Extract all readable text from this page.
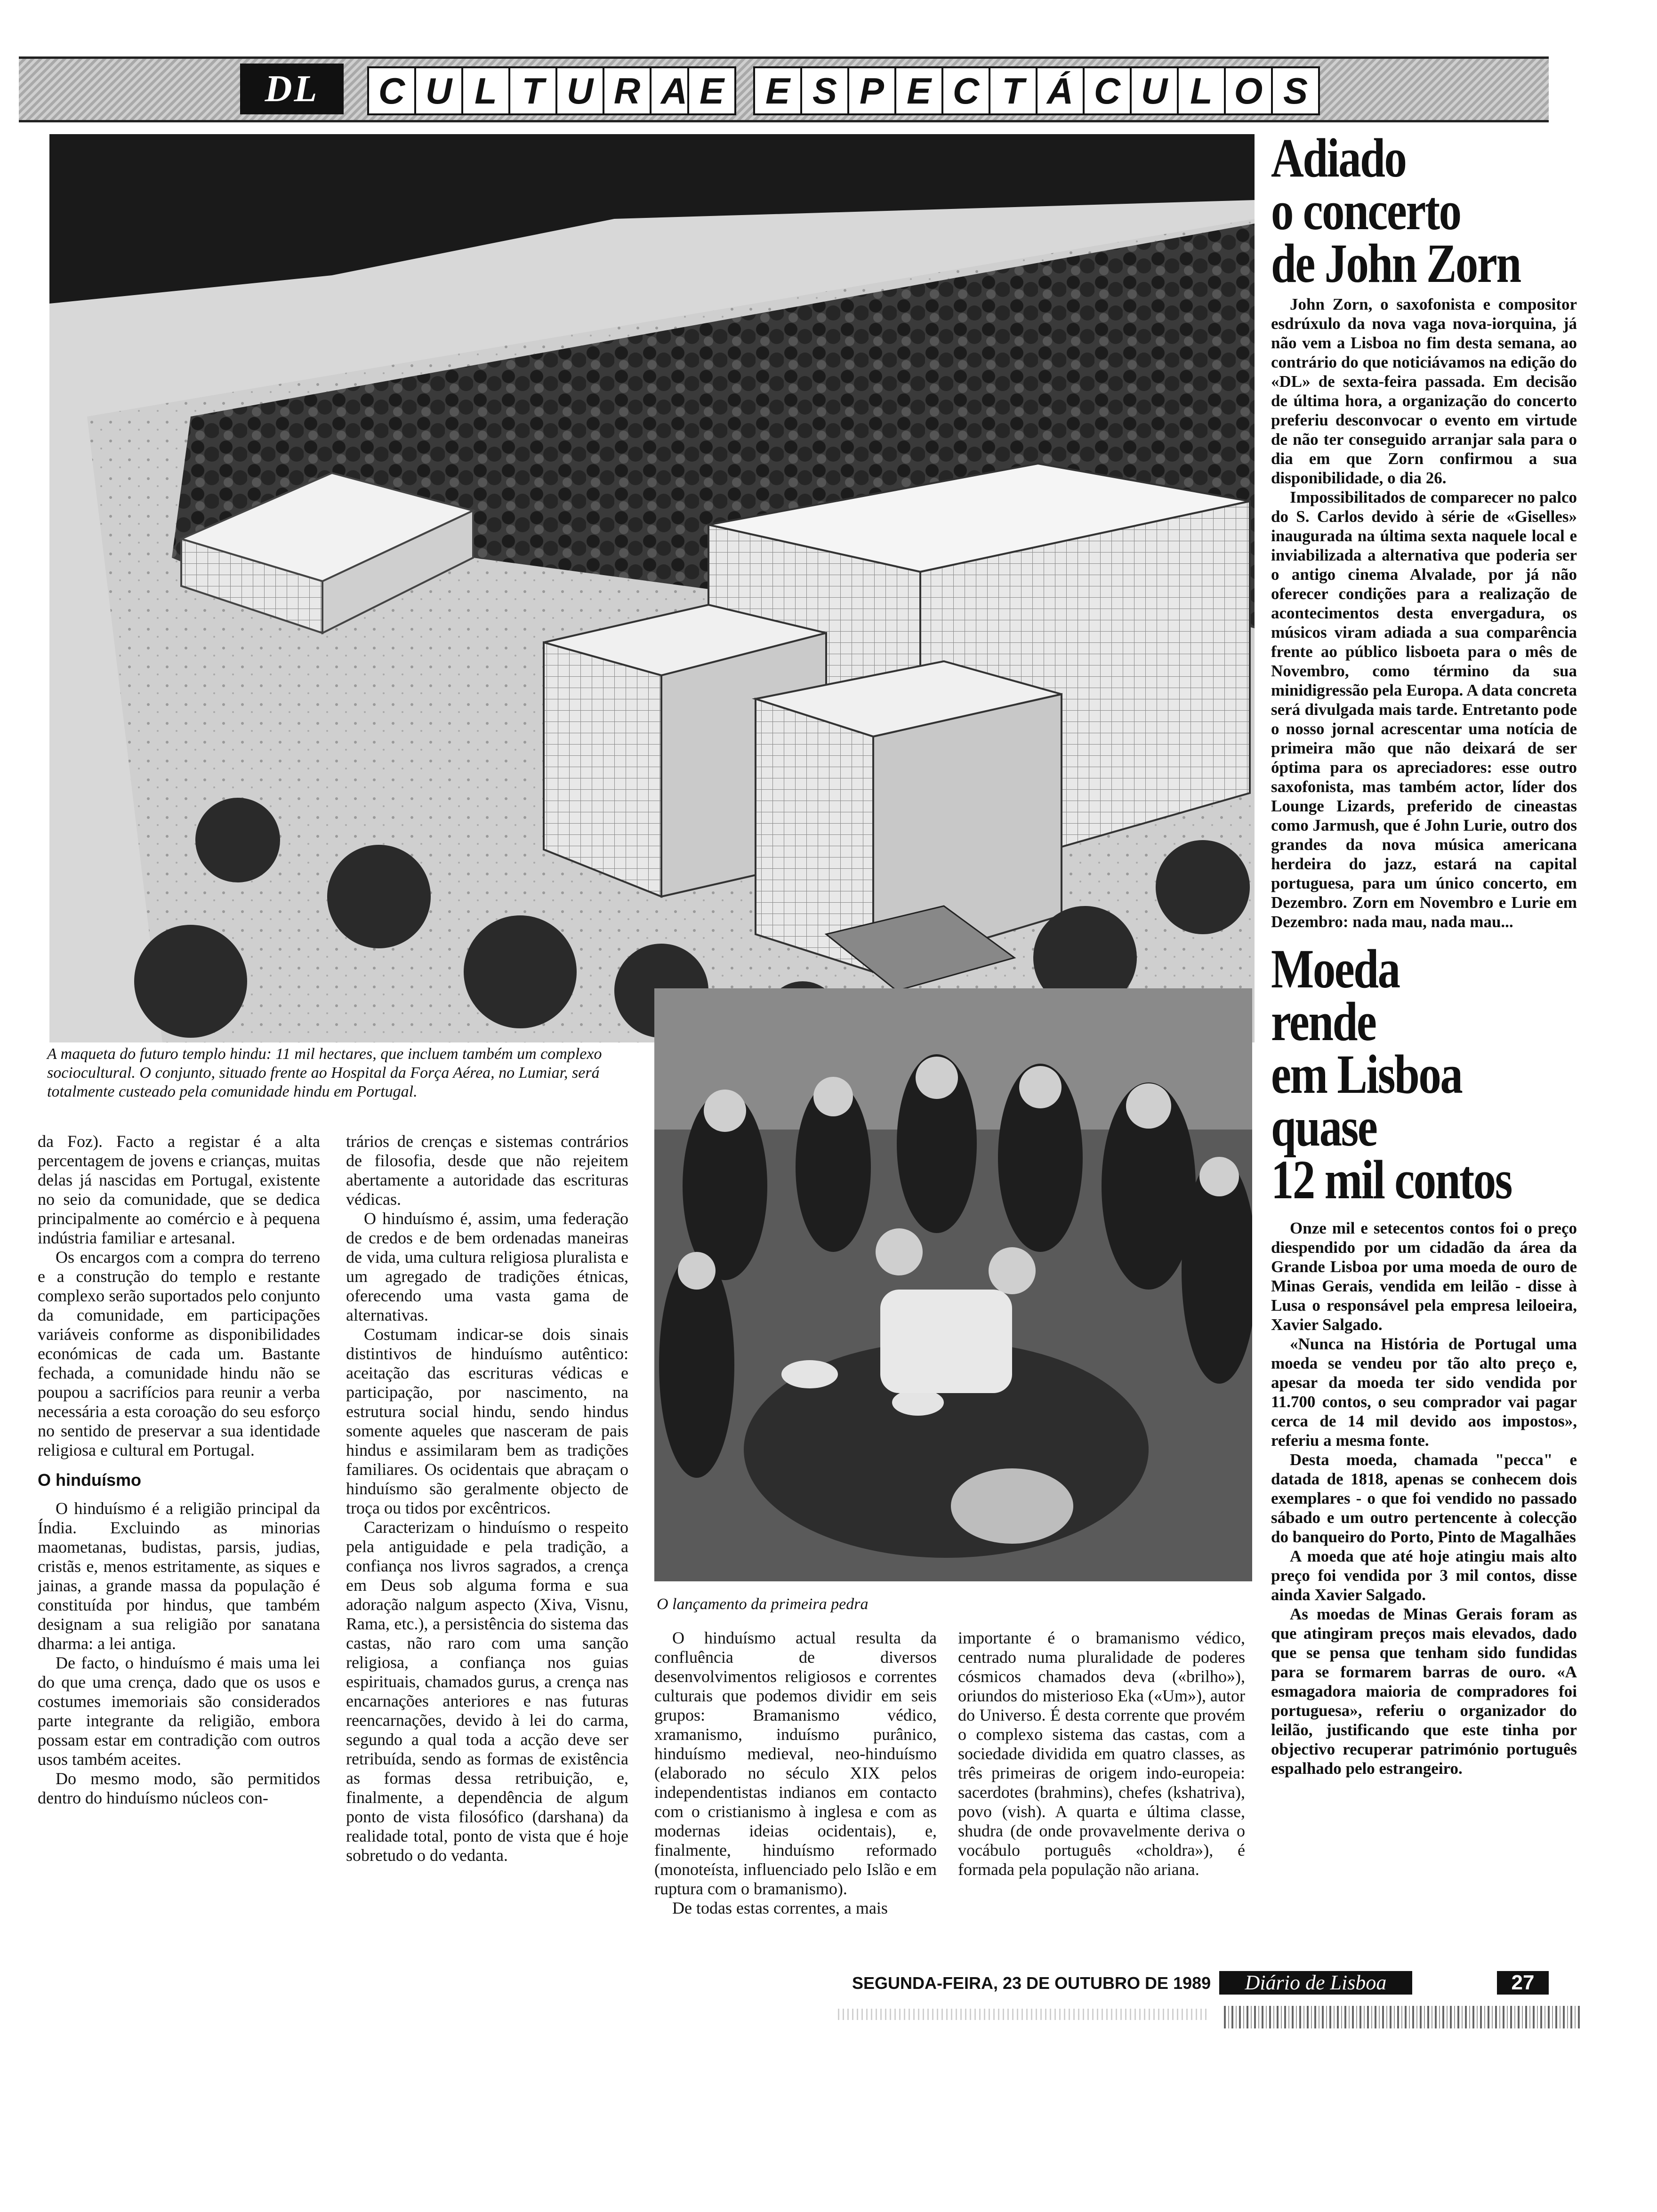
DL	C U L T U R A E	E S P E C T Á C U L O S
A maqueta do futuro templo hindu: 11 mil hectares, que incluem também um complexo sociocultural. O conjunto, situado frente ao Hospital da Força Aérea, no Lumiar, será totalmente custeado pela comunidade hindu em Portugal.
O lançamento da primeira pedra

da Foz). Facto a registar é a alta percentagem de jovens e crianças, muitas delas já nascidas em Portugal, existente no seio da comunidade, que se dedica principalmente ao comércio e à pequena indústria familiar e artesanal.

Os encargos com a compra do terreno e a construção do templo e restante complexo serão suportados pelo conjunto da comunidade, em participações variáveis conforme as disponibilidades económicas de cada um. Bastante fechada, a comunidade hindu não se poupou a sacrifícios para reunir a verba necessária a esta coroação do seu esforço no sentido de preservar a sua identidade religiosa e cultural em Portugal.

O hinduísmo

O hinduísmo é a religião principal da Índia. Excluindo as minorias maometanas, budistas, parsis, judias, cristãs e, menos estritamente, as siques e jainas, a grande massa da população é constituída por hindus, que também designam a sua religião por sanatana dharma: a lei antiga.

De facto, o hinduísmo é mais uma lei do que uma crença, dado que os usos e costumes imemoriais são considerados parte integrante da religião, embora possam estar em contradição com outros usos também aceites.

Do mesmo modo, são permitidos dentro do hinduísmo núcleos con-

trários de crenças e sistemas contrários de filosofia, desde que não rejeitem abertamente a autoridade das escrituras védicas.

O hinduísmo é, assim, uma federação de credos e de bem ordenadas maneiras de vida, uma cultura religiosa pluralista e um agregado de tradições étnicas, oferecendo uma vasta gama de alternativas.

Costumam indicar-se dois sinais distintivos de hinduísmo autêntico: aceitação das escrituras védicas e participação, por nascimento, na estrutura social hindu, sendo hindus somente aqueles que nasceram de pais hindus e assimilaram bem as tradições familiares. Os ocidentais que abraçam o hinduísmo são geralmente objecto de troça ou tidos por excêntricos.

Caracterizam o hinduísmo o respeito pela antiguidade e pela tradição, a confiança nos livros sagrados, a crença em Deus sob alguma forma e sua adoração nalgum aspecto (Xiva, Visnu, Rama, etc.), a persistência do sistema das castas, não raro com uma sanção religiosa, a confiança nos guias espirituais, chamados gurus, a crença nas encarnações anteriores e nas futuras reencarnações, devido à lei do carma, segundo a qual toda a acção deve ser retribuída, sendo as formas de existência as formas dessa retribuição, e, finalmente, a dependência de algum ponto de vista filosófico (darshana) da realidade total, ponto de vista que é hoje sobretudo o do vedanta.

O hinduísmo actual resulta da confluência de diversos desenvolvimentos religiosos e correntes culturais que podemos dividir em seis grupos: Bramanismo védico, xramanismo, induísmo purânico, hinduísmo medieval, neo-hinduísmo (elaborado no século XIX pelos independentistas indianos em contacto com o cristianismo à inglesa e com as modernas ideias ocidentais), e, finalmente, hinduísmo reformado (monoteísta, influenciado pelo Islão e em ruptura com o bramanismo).

De todas estas correntes, a mais

importante é o bramanismo védico, centrado numa pluralidade de poderes cósmicos chamados deva («brilho»), oriundos do misterioso Eka («Um»), autor do Universo. É desta corrente que provém o complexo sistema das castas, com a sociedade dividida em quatro classes, as três primeiras de origem indo-europeia: sacerdotes (brahmins), chefes (kshatriva), povo (vish). A quarta e última classe, shudra (de onde provavelmente deriva o vocábulo português «choldra»), é formada pela população não ariana.

Adiado
o concerto
de John Zorn

John Zorn, o saxofonista e compositor esdrúxulo da nova vaga nova-iorquina, já não vem a Lisboa no fim desta semana, ao contrário do que noticiávamos na edição do «DL» de sexta-feira passada. Em decisão de última hora, a organização do concerto preferiu desconvocar o evento em virtude de não ter conseguido arranjar sala para o dia em que Zorn confirmou a sua disponibilidade, o dia 26.

Impossibilitados de comparecer no palco do S. Carlos devido à série de «Giselles» inaugurada na última sexta naquele local e inviabilizada a alternativa que poderia ser o antigo cinema Alvalade, por já não oferecer condições para a realização de acontecimentos desta envergadura, os músicos viram adiada a sua comparência frente ao público lisboeta para o mês de Novembro, como término da sua minidigressão pela Europa. A data concreta será divulgada mais tarde. Entretanto pode o nosso jornal acrescentar uma notícia de primeira mão que não deixará de ser óptima para os apreciadores: esse outro saxofonista, mas também actor, líder dos Lounge Lizards, preferido de cineastas como Jarmush, que é John Lurie, outro dos grandes da nova música americana herdeira do jazz, estará na capital portuguesa, para um único concerto, em Dezembro. Zorn em Novembro e Lurie em Dezembro: nada mau, nada mau...

Moeda
rende
em Lisboa
quase
12 mil contos

Onze mil e setecentos contos foi o preço diespendido por um cidadão da área da Grande Lisboa por uma moeda de ouro de Minas Gerais, vendida em leilão - disse à Lusa o responsável pela empresa leiloeira, Xavier Salgado.

«Nunca na História de Portugal uma moeda se vendeu por tão alto preço e, apesar da moeda ter sido vendida por 11.700 contos, o seu comprador vai pagar cerca de 14 mil devido aos impostos», referiu a mesma fonte.

Desta moeda, chamada "pecca" e datada de 1818, apenas se conhecem dois exemplares - o que foi vendido no passado sábado e um outro pertencente à colecção do banqueiro do Porto, Pinto de Magalhães

A moeda que até hoje atingiu mais alto preço foi vendida por 3 mil contos, disse ainda Xavier Salgado.

As moedas de Minas Gerais foram as que atingiram preços mais elevados, dado que se pensa que tenham sido fundidas para se formarem barras de ouro. «A esmagadora maioria de compradores foi portuguesa», referiu o organizador do leilão, justificando que este tinha por objectivo recuperar património português espalhado pelo estrangeiro.

SEGUNDA-FEIRA, 23 DE OUTUBRO DE 1989	Diário de Lisboa	27
